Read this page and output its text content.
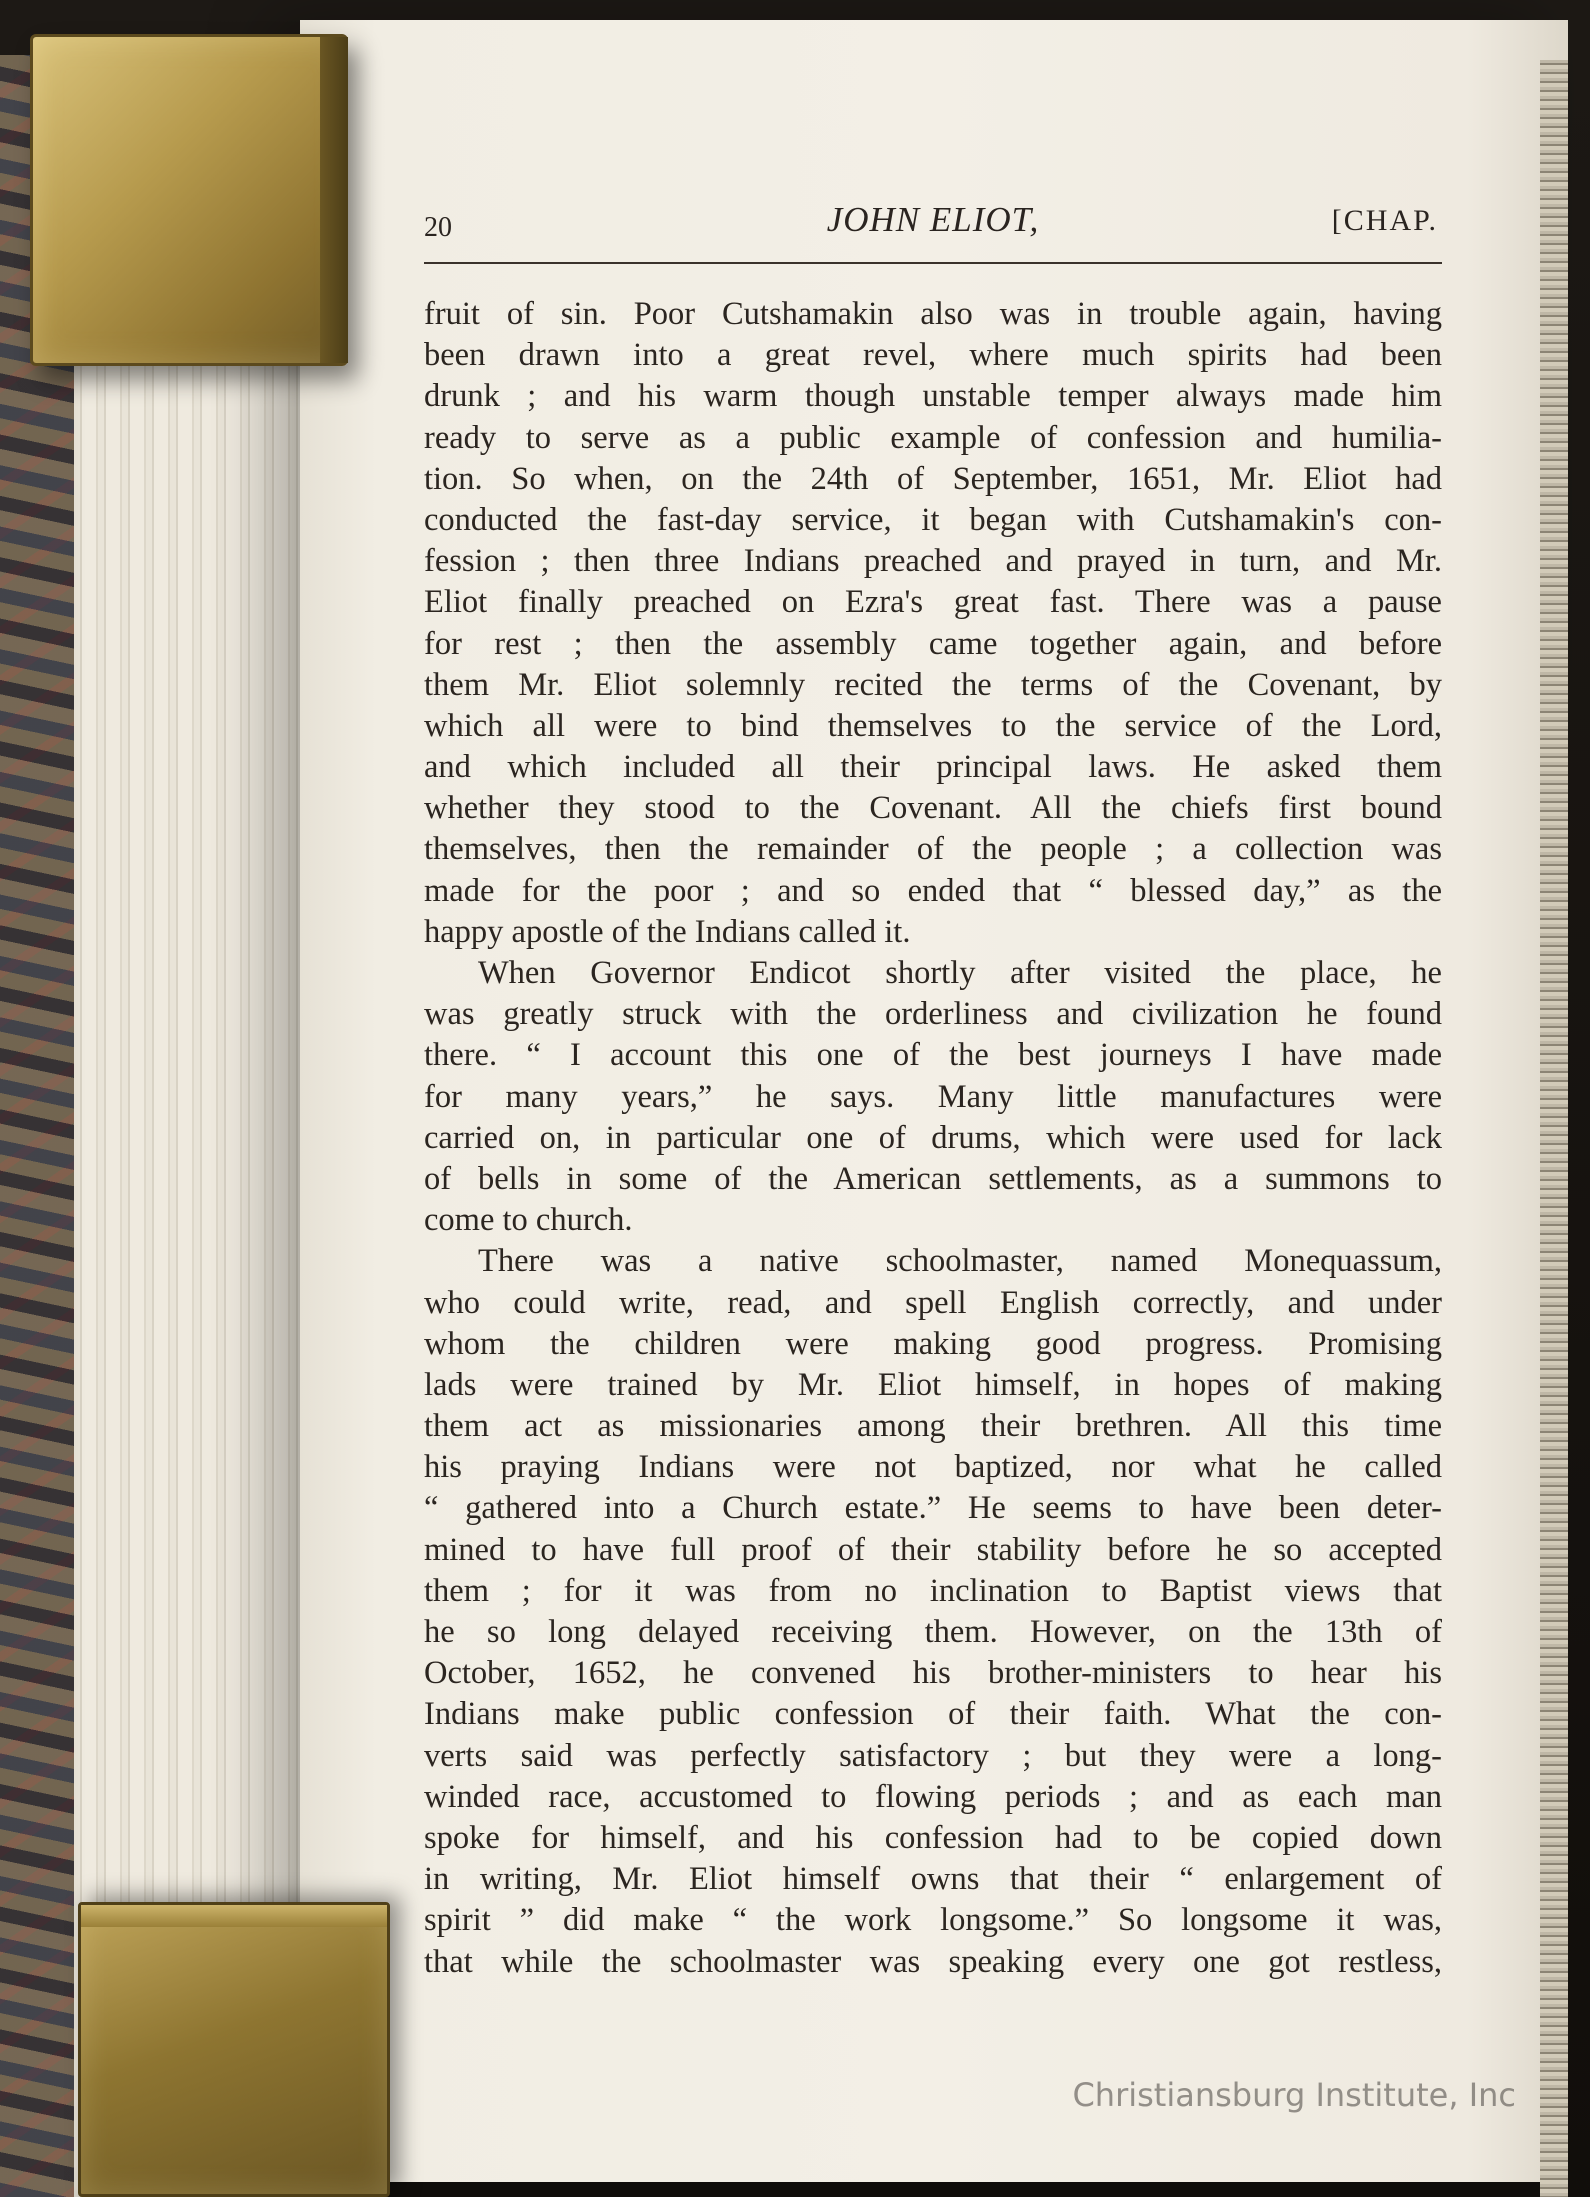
20	JOHN ELIOT,	[CHAP.
fruit of sin. Poor Cutshamakin also was in trouble again, having
been drawn into a great revel, where much spirits had been
drunk ; and his warm though unstable temper always made him
ready to serve as a public example of confession and humilia-
tion. So when, on the 24th of September, 1651, Mr. Eliot had
conducted the fast-day service, it began with Cutshamakin's con-
fession ; then three Indians preached and prayed in turn, and Mr.
Eliot finally preached on Ezra's great fast. There was a pause
for rest ; then the assembly came together again, and before
them Mr. Eliot solemnly recited the terms of the Covenant, by
which all were to bind themselves to the service of the Lord,
and which included all their principal laws. He asked them
whether they stood to the Covenant. All the chiefs first bound
themselves, then the remainder of the people ; a collection was
made for the poor ; and so ended that “ blessed day,” as the
happy apostle of the Indians called it.
When Governor Endicot shortly after visited the place, he
was greatly struck with the orderliness and civilization he found
there. “ I account this one of the best journeys I have made
for many years,” he says. Many little manufactures were
carried on, in particular one of drums, which were used for lack
of bells in some of the American settlements, as a summons to
come to church.
There was a native schoolmaster, named Monequassum,
who could write, read, and spell English correctly, and under
whom the children were making good progress. Promising
lads were trained by Mr. Eliot himself, in hopes of making
them act as missionaries among their brethren. All this time
his praying Indians were not baptized, nor what he called
“ gathered into a Church estate.” He seems to have been deter-
mined to have full proof of their stability before he so accepted
them ; for it was from no inclination to Baptist views that
he so long delayed receiving them. However, on the 13th of
October, 1652, he convened his brother-ministers to hear his
Indians make public confession of their faith. What the con-
verts said was perfectly satisfactory ; but they were a long-
winded race, accustomed to flowing periods ; and as each man
spoke for himself, and his confession had to be copied down
in writing, Mr. Eliot himself owns that their “ enlargement of
spirit ” did make “ the work longsome.” So longsome it was,
that while the schoolmaster was speaking every one got restless,
Christiansburg Institute, Inc
